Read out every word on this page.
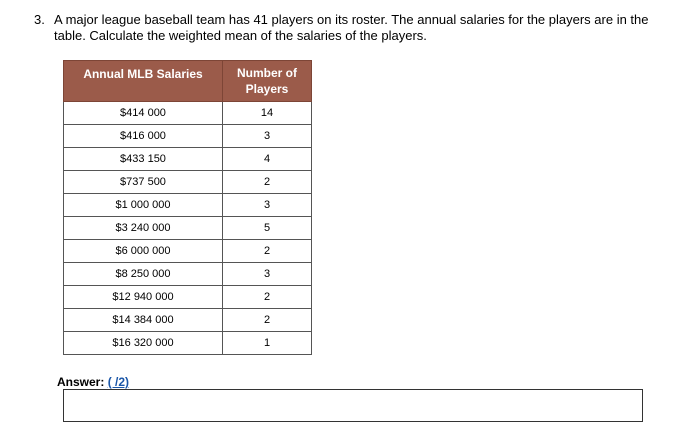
3. A major league baseball team has 41 players on its roster. The annual salaries for the players are in the table. Calculate the weighted mean of the salaries of the players.
Annual MLB Salaries	Number of Players
$414 000	14
$416 000	3
$433 150	4
$737 500	2
$1 000 000	3
$3 240 000	5
$6 000 000	2
$8 250 000	3
$12 940 000	2
$14 384 000	2
$16 320 000	1
Answer: ( /2)
